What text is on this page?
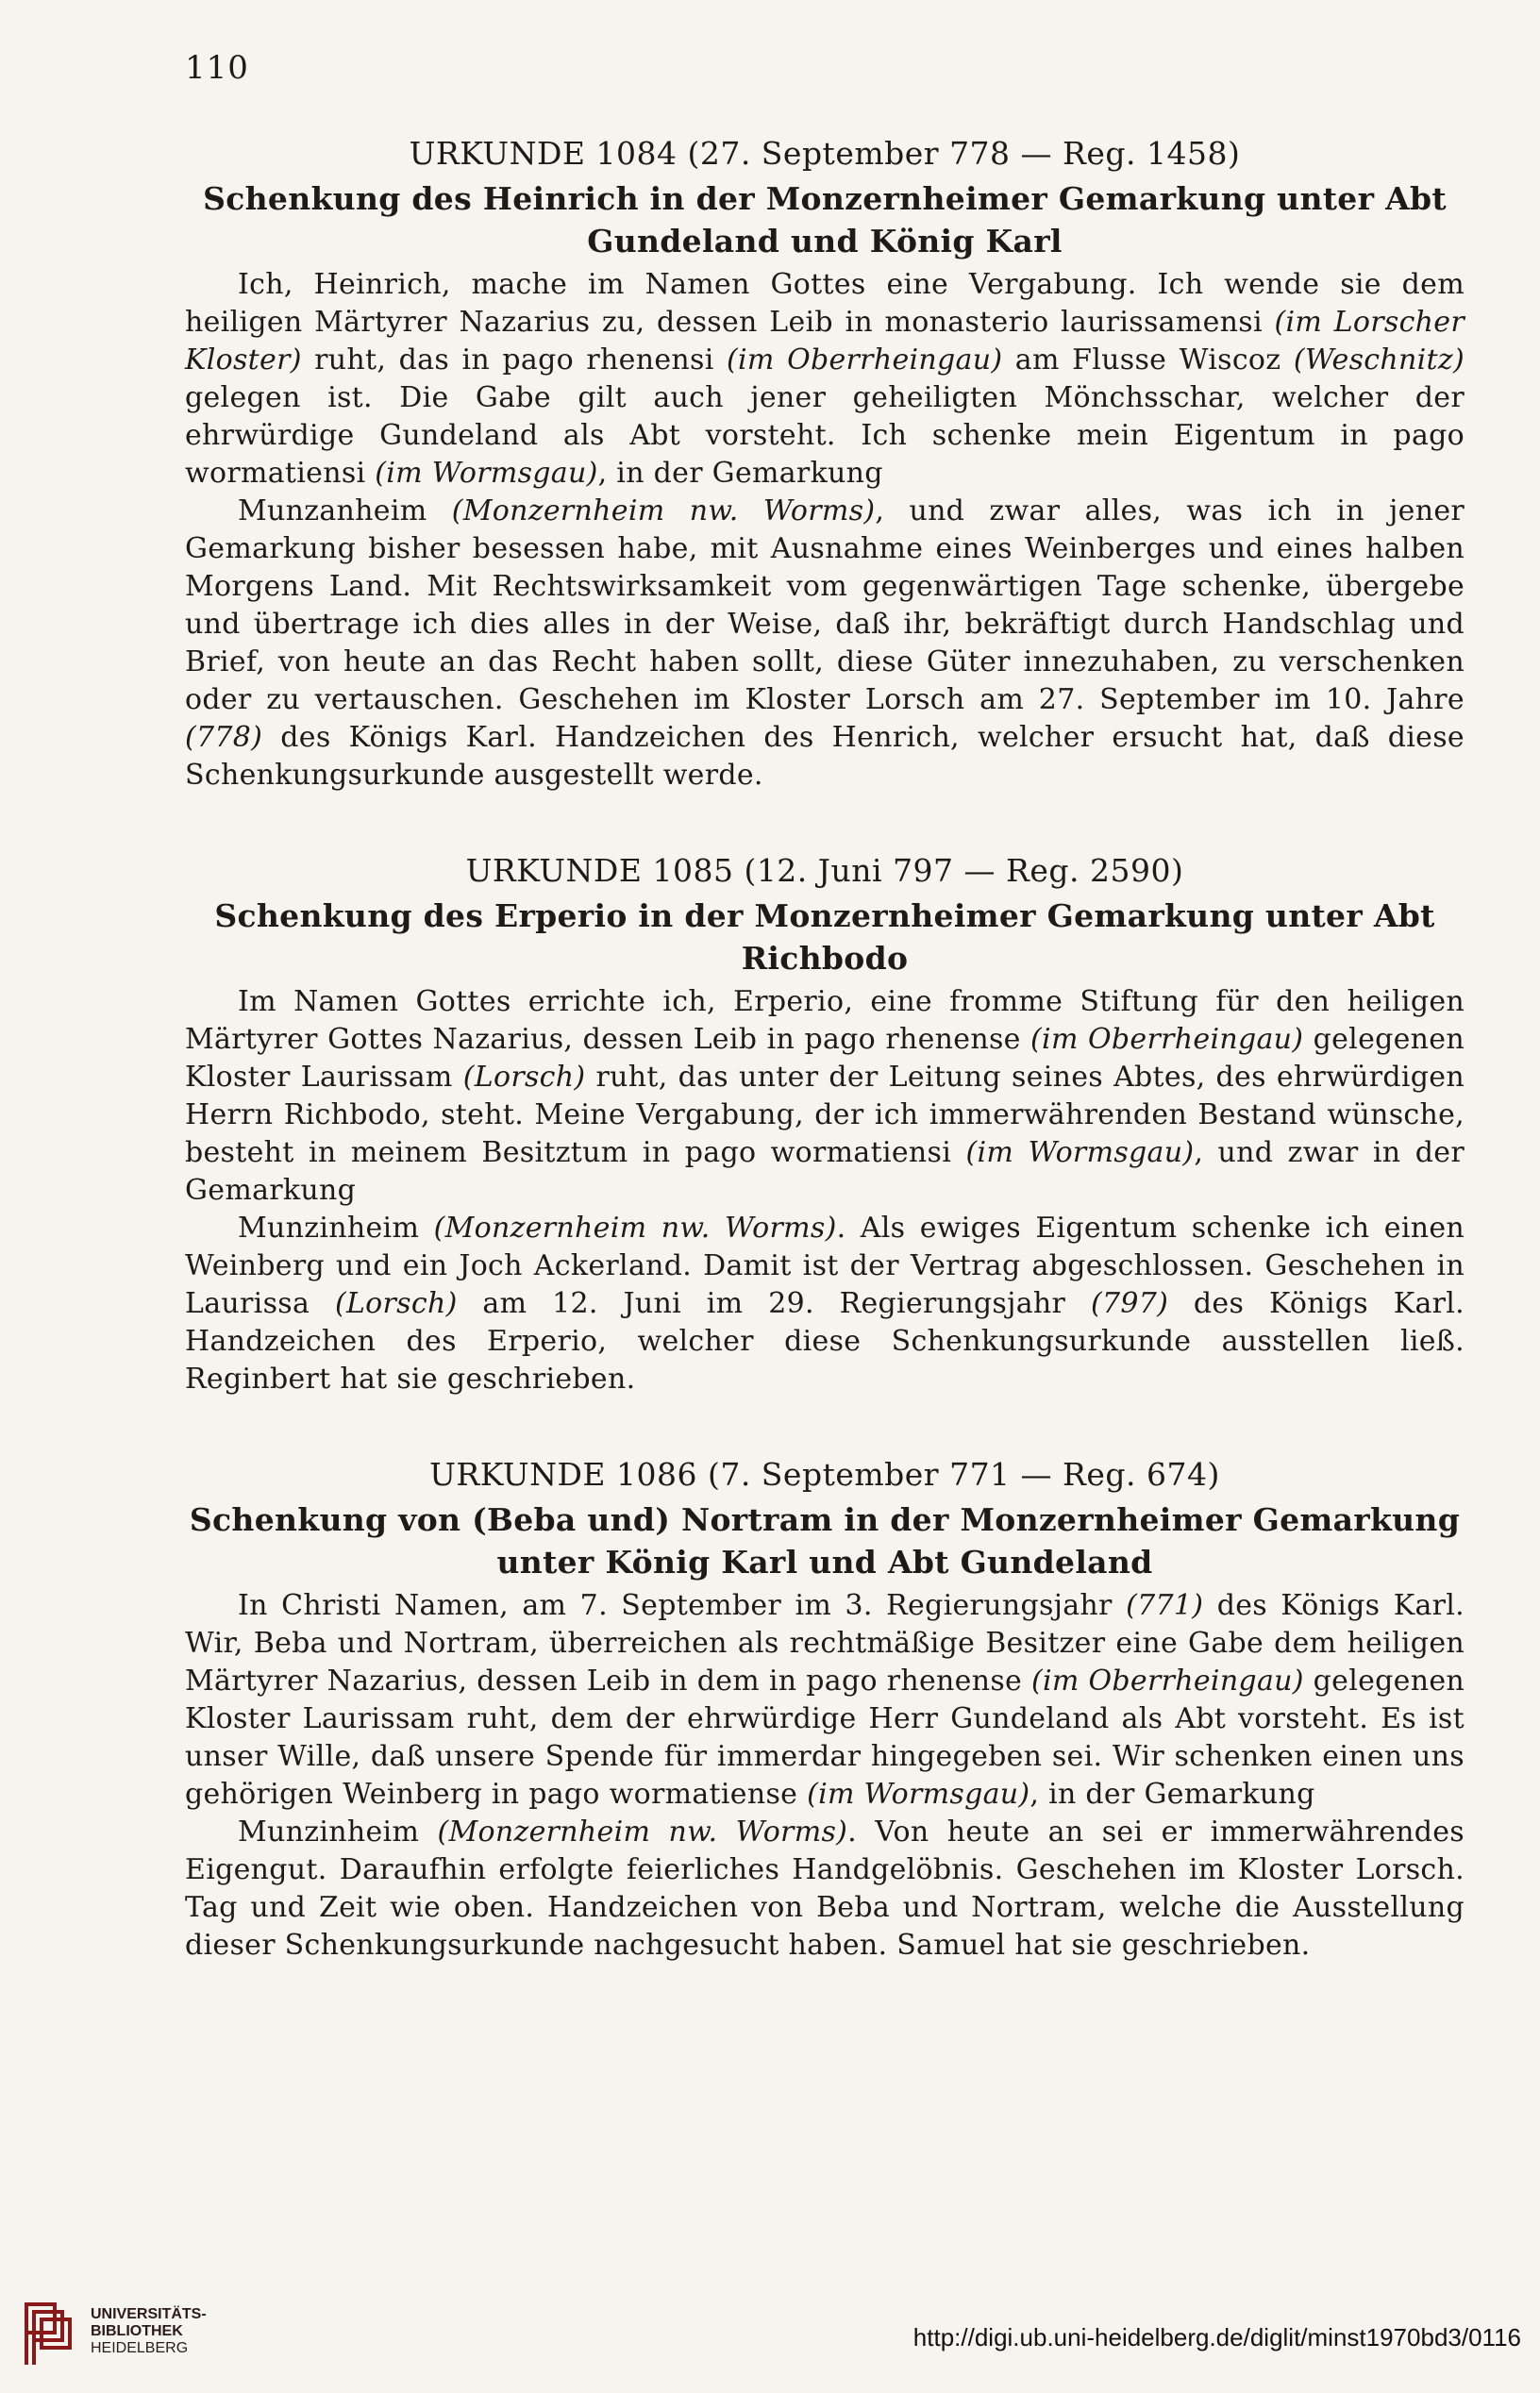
110

URKUNDE 1084 (27. September 778 — Reg. 1458)

Schenkung des Heinrich in der Monzernheimer Gemarkung unter Abt
Gundeland und König Karl

Ich, Heinrich, mache im Namen Gottes eine Vergabung. Ich wende sie dem heiligen Märtyrer Nazarius zu, dessen Leib in monasterio laurissamensi (im Lorscher Kloster) ruht, das in pago rhenensi (im Oberrheingau) am Flusse Wiscoz (Weschnitz) gelegen ist. Die Gabe gilt auch jener geheiligten Mönchsschar, welcher der ehrwürdige Gundeland als Abt vorsteht. Ich schenke mein Eigentum in pago wormatiensi (im Wormsgau), in der Gemarkung

Munzanheim (Monzernheim nw. Worms), und zwar alles, was ich in jener Gemarkung bisher besessen habe, mit Ausnahme eines Weinberges und eines halben Morgens Land. Mit Rechtswirksamkeit vom gegenwärtigen Tage schenke, übergebe und übertrage ich dies alles in der Weise, daß ihr, bekräftigt durch Handschlag und Brief, von heute an das Recht haben sollt, diese Güter innezuhaben, zu verschenken oder zu vertauschen. Geschehen im Kloster Lorsch am 27. September im 10. Jahre (778) des Königs Karl. Handzeichen des Henrich, welcher ersucht hat, daß diese Schenkungsurkunde ausgestellt werde.

URKUNDE 1085 (12. Juni 797 — Reg. 2590)

Schenkung des Erperio in der Monzernheimer Gemarkung unter Abt Richbodo

Im Namen Gottes errichte ich, Erperio, eine fromme Stiftung für den heiligen Märtyrer Gottes Nazarius, dessen Leib in pago rhenense (im Oberrheingau) gelegenen Kloster Laurissam (Lorsch) ruht, das unter der Leitung seines Abtes, des ehrwürdigen Herrn Richbodo, steht. Meine Vergabung, der ich immerwährenden Bestand wünsche, besteht in meinem Besitztum in pago wormatiensi (im Wormsgau), und zwar in der Gemarkung

Munzinheim (Monzernheim nw. Worms). Als ewiges Eigentum schenke ich einen Weinberg und ein Joch Ackerland. Damit ist der Vertrag abgeschlossen. Geschehen in Laurissa (Lorsch) am 12. Juni im 29. Regierungsjahr (797) des Königs Karl. Handzeichen des Erperio, welcher diese Schenkungsurkunde ausstellen ließ. Reginbert hat sie geschrieben.

URKUNDE 1086 (7. September 771 — Reg. 674)

Schenkung von (Beba und) Nortram in der Monzernheimer Gemarkung
unter König Karl und Abt Gundeland

In Christi Namen, am 7. September im 3. Regierungsjahr (771) des Königs Karl. Wir, Beba und Nortram, überreichen als rechtmäßige Besitzer eine Gabe dem heiligen Märtyrer Nazarius, dessen Leib in dem in pago rhenense (im Oberrheingau) gelegenen Kloster Laurissam ruht, dem der ehrwürdige Herr Gundeland als Abt vorsteht. Es ist unser Wille, daß unsere Spende für immerdar hingegeben sei. Wir schenken einen uns gehörigen Weinberg in pago wormatiense (im Wormsgau), in der Gemarkung

Munzinheim (Monzernheim nw. Worms). Von heute an sei er immerwährendes Eigengut. Daraufhin erfolgte feierliches Handgelöbnis. Geschehen im Kloster Lorsch. Tag und Zeit wie oben. Handzeichen von Beba und Nortram, welche die Ausstellung dieser Schenkungsurkunde nachgesucht haben. Samuel hat sie geschrieben.

UNIVERSITÄTS-
BIBLIOTHEK
HEIDELBERG	http://digi.ub.uni-heidelberg.de/diglit/minst1970bd3/0116
